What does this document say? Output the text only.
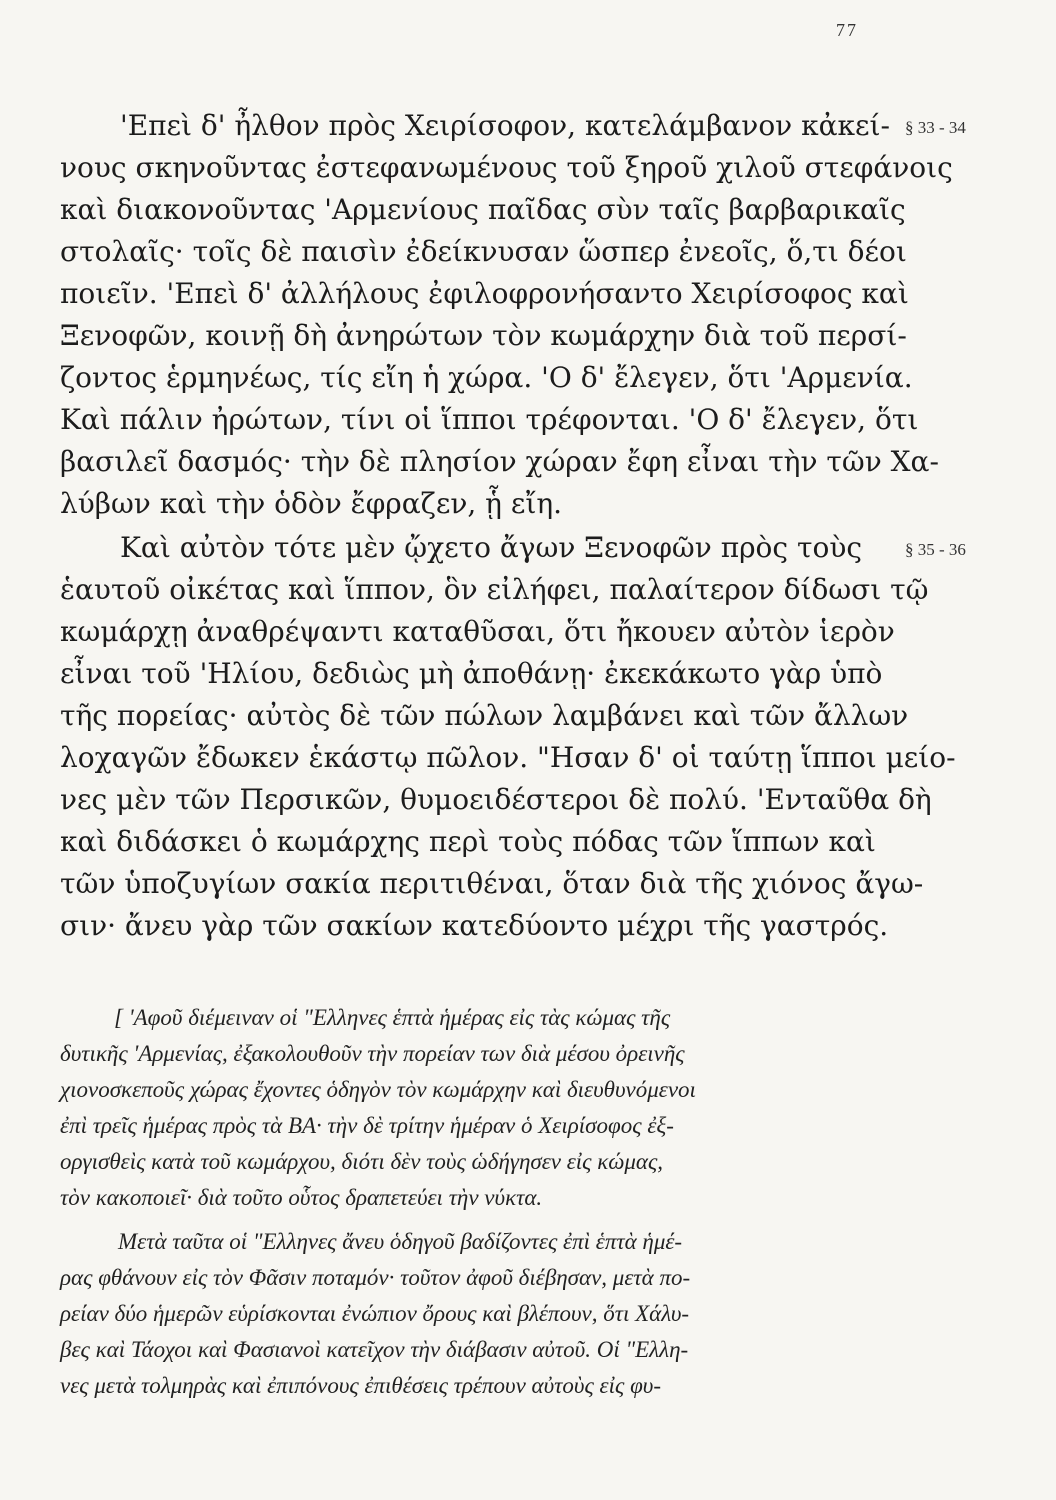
77
'Επεὶ δ' ἦλθον πρὸς Χειρίσοφον, κατελάμβανον κἀκεί-
νους σκηνοῦντας ἐστεφανωμένους τοῦ ξηροῦ χιλοῦ στεφάνοις
καὶ διακονοῦντας 'Αρμενίους παῖδας σὺν ταῖς βαρβαρικαῖς
στολαῖς· τοῖς δὲ παισὶν ἐδείκνυσαν ὥσπερ ἐνεοῖς, ὅ,τι δέοι
ποιεῖν. 'Επεὶ δ' ἀλλήλους ἐφιλοφρονήσαντο Χειρίσοφος καὶ
Ξενοφῶν, κοινῇ δὴ ἀνηρώτων τὸν κωμάρχην διὰ τοῦ περσί-
ζοντος ἑρμηνέως, τίς εἴη ἡ χώρα. 'Ο δ' ἔλεγεν, ὅτι 'Αρμενία.
Καὶ πάλιν ἠρώτων, τίνι οἱ ἵπποι τρέφονται. 'Ο δ' ἔλεγεν, ὅτι
βασιλεῖ δασμός· τὴν δὲ πλησίον χώραν ἔφη εἶναι τὴν τῶν Χα-
λύβων καὶ τὴν ὁδὸν ἔφραζεν, ᾗ εἴη.
Καὶ αὐτὸν τότε μὲν ᾤχετο ἄγων Ξενοφῶν πρὸς τοὺς
ἑαυτοῦ οἰκέτας καὶ ἵππον, ὃν εἰλήφει, παλαίτερον δίδωσι τῷ
κωμάρχῃ ἀναθρέψαντι καταθῦσαι, ὅτι ἤκουεν αὐτὸν ἱερὸν
εἶναι τοῦ 'Ηλίου, δεδιὼς μὴ ἀποθάνῃ· ἐκεκάκωτο γὰρ ὑπὸ
τῆς πορείας· αὐτὸς δὲ τῶν πώλων λαμβάνει καὶ τῶν ἄλλων
λοχαγῶν ἔδωκεν ἑκάστῳ πῶλον. "Ησαν δ' οἱ ταύτῃ ἵπποι μείο-
νες μὲν τῶν Περσικῶν, θυμοειδέστεροι δὲ πολύ. 'Ενταῦθα δὴ
καὶ διδάσκει ὁ κωμάρχης περὶ τοὺς πόδας τῶν ἵππων καὶ
τῶν ὑποζυγίων σακία περιτιθέναι, ὅταν διὰ τῆς χιόνος ἄγω-
σιν· ἄνευ γὰρ τῶν σακίων κατεδύοντο μέχρι τῆς γαστρός.
§ 33 - 34
§ 35 - 36
[ 'Αφοῦ διέμειναν οἱ "Ελληνες ἑπτὰ ἡμέρας εἰς τὰς κώμας τῆς
δυτικῆς 'Αρμενίας, ἐξακολουθοῦν τὴν πορείαν των διὰ μέσου ὀρεινῆς
χιονοσκεποῦς χώρας ἔχοντες ὁδηγὸν τὸν κωμάρχην καὶ διευθυνόμενοι
ἐπὶ τρεῖς ἡμέρας πρὸς τὰ ΒΑ· τὴν δὲ τρίτην ἡμέραν ὁ Χειρίσοφος ἐξ-
οργισθεὶς κατὰ τοῦ κωμάρχου, διότι δὲν τοὺς ὡδήγησεν εἰς κώμας,
τὸν κακοποιεῖ· διὰ τοῦτο οὗτος δραπετεύει τὴν νύκτα.
Μετὰ ταῦτα οἱ "Ελληνες ἄνευ ὁδηγοῦ βαδίζοντες ἐπὶ ἑπτὰ ἡμέ-
ρας φθάνουν εἰς τὸν Φᾶσιν ποταμόν· τοῦτον ἀφοῦ διέβησαν, μετὰ πο-
ρείαν δύο ἡμερῶν εὑρίσκονται ἐνώπιον ὄρους καὶ βλέπουν, ὅτι Χάλυ-
βες καὶ Τάοχοι καὶ Φασιανοὶ κατεῖχον τὴν διάβασιν αὐτοῦ. Οἱ "Ελλη-
νες μετὰ τολμηρὰς καὶ ἐπιπόνους ἐπιθέσεις τρέπουν αὐτοὺς εἰς φυ-
